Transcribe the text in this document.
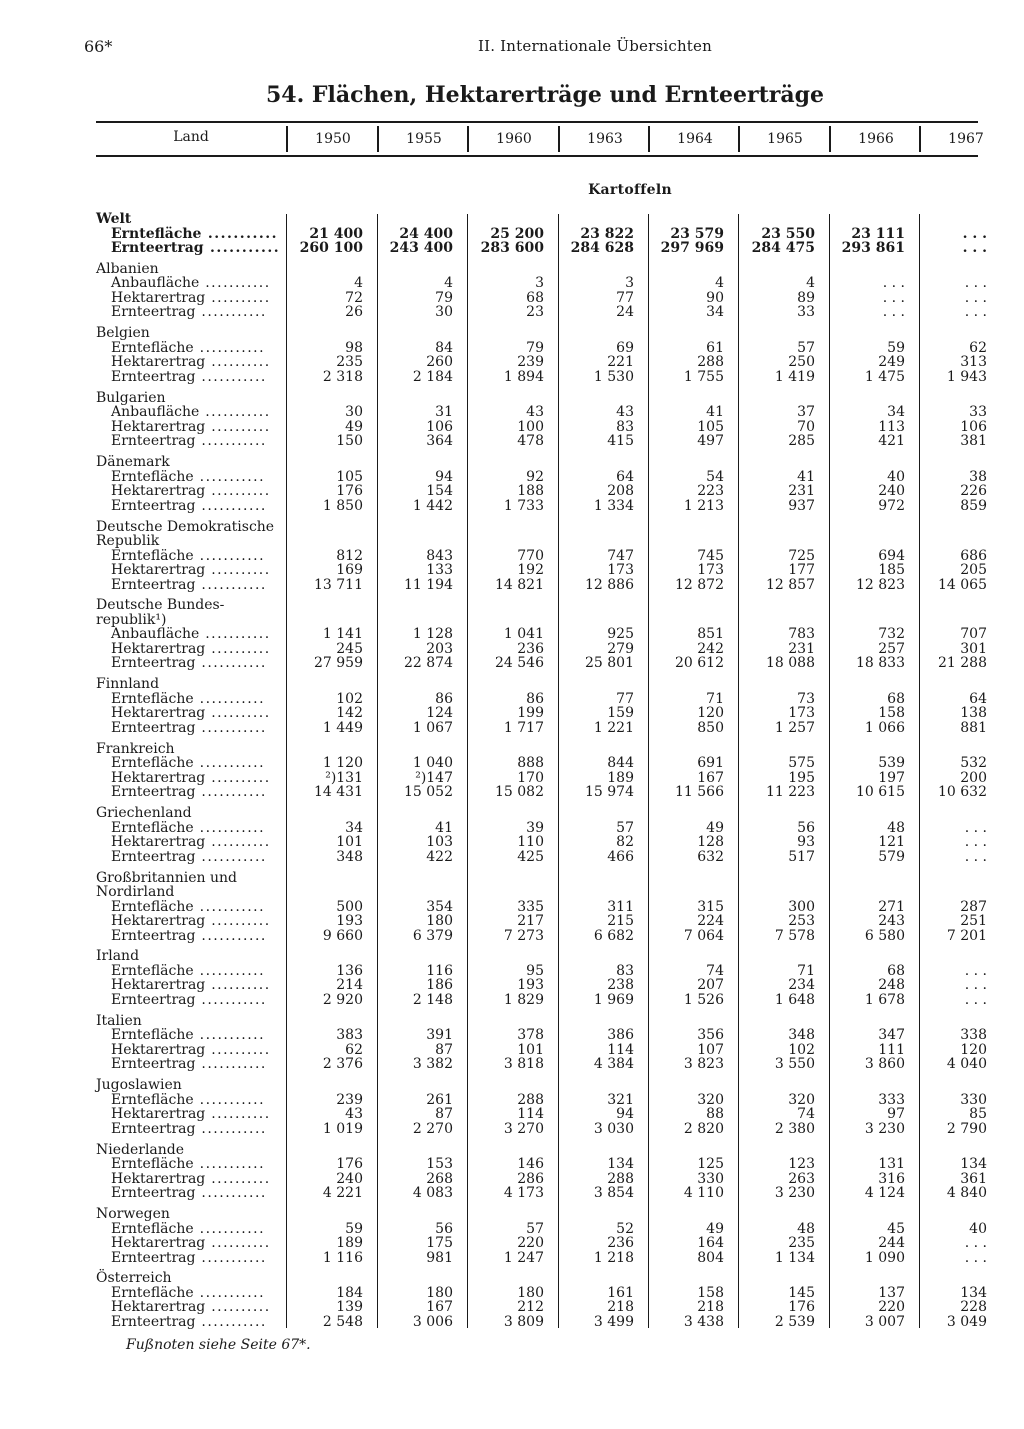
66*	II. Internationale Übersichten
54. Flächen, Hektarerträge und Ernteerträge
Land	1950	1955	1960	1963	1964	1965	1966	1967
Kartoffeln
Welt
Erntefläche ...........	21 400	24 400	25 200	23 822	23 579	23 550	23 111	. . .
Ernteertrag ...........	260 100	243 400	283 600	284 628	297 969	284 475	293 861	. . .
Albanien
Anbaufläche ...........	4	4	3	3	4	4	. . .	. . .
Hektarertrag ..........	72	79	68	77	90	89	. . .	. . .
Ernteertrag ...........	26	30	23	24	34	33	. . .	. . .
Belgien
Erntefläche ...........	98	84	79	69	61	57	59	62
Hektarertrag ..........	235	260	239	221	288	250	249	313
Ernteertrag ...........	2 318	2 184	1 894	1 530	1 755	1 419	1 475	1 943
Bulgarien
Anbaufläche ...........	30	31	43	43	41	37	34	33
Hektarertrag ..........	49	106	100	83	105	70	113	106
Ernteertrag ...........	150	364	478	415	497	285	421	381
Dänemark
Erntefläche ...........	105	94	92	64	54	41	40	38
Hektarertrag ..........	176	154	188	208	223	231	240	226
Ernteertrag ...........	1 850	1 442	1 733	1 334	1 213	937	972	859
Deutsche Demokratische
Republik
Erntefläche ...........	812	843	770	747	745	725	694	686
Hektarertrag ..........	169	133	192	173	173	177	185	205
Ernteertrag ...........	13 711	11 194	14 821	12 886	12 872	12 857	12 823	14 065
Deutsche Bundes-
republik¹)
Anbaufläche ...........	1 141	1 128	1 041	925	851	783	732	707
Hektarertrag ..........	245	203	236	279	242	231	257	301
Ernteertrag ...........	27 959	22 874	24 546	25 801	20 612	18 088	18 833	21 288
Finnland
Erntefläche ...........	102	86	86	77	71	73	68	64
Hektarertrag ..........	142	124	199	159	120	173	158	138
Ernteertrag ...........	1 449	1 067	1 717	1 221	850	1 257	1 066	881
Frankreich
Erntefläche ...........	1 120	1 040	888	844	691	575	539	532
Hektarertrag ..........	²)131	²)147	170	189	167	195	197	200
Ernteertrag ...........	14 431	15 052	15 082	15 974	11 566	11 223	10 615	10 632
Griechenland
Erntefläche ...........	34	41	39	57	49	56	48	. . .
Hektarertrag ..........	101	103	110	82	128	93	121	. . .
Ernteertrag ...........	348	422	425	466	632	517	579	. . .
Großbritannien und
Nordirland
Erntefläche ...........	500	354	335	311	315	300	271	287
Hektarertrag ..........	193	180	217	215	224	253	243	251
Ernteertrag ...........	9 660	6 379	7 273	6 682	7 064	7 578	6 580	7 201
Irland
Erntefläche ...........	136	116	95	83	74	71	68	. . .
Hektarertrag ..........	214	186	193	238	207	234	248	. . .
Ernteertrag ...........	2 920	2 148	1 829	1 969	1 526	1 648	1 678	. . .
Italien
Erntefläche ...........	383	391	378	386	356	348	347	338
Hektarertrag ..........	62	87	101	114	107	102	111	120
Ernteertrag ...........	2 376	3 382	3 818	4 384	3 823	3 550	3 860	4 040
Jugoslawien
Erntefläche ...........	239	261	288	321	320	320	333	330
Hektarertrag ..........	43	87	114	94	88	74	97	85
Ernteertrag ...........	1 019	2 270	3 270	3 030	2 820	2 380	3 230	2 790
Niederlande
Erntefläche ...........	176	153	146	134	125	123	131	134
Hektarertrag ..........	240	268	286	288	330	263	316	361
Ernteertrag ...........	4 221	4 083	4 173	3 854	4 110	3 230	4 124	4 840
Norwegen
Erntefläche ...........	59	56	57	52	49	48	45	40
Hektarertrag ..........	189	175	220	236	164	235	244	. . .
Ernteertrag ...........	1 116	981	1 247	1 218	804	1 134	1 090	. . .
Österreich
Erntefläche ...........	184	180	180	161	158	145	137	134
Hektarertrag ..........	139	167	212	218	218	176	220	228
Ernteertrag ...........	2 548	3 006	3 809	3 499	3 438	2 539	3 007	3 049
Fußnoten siehe Seite 67*.
